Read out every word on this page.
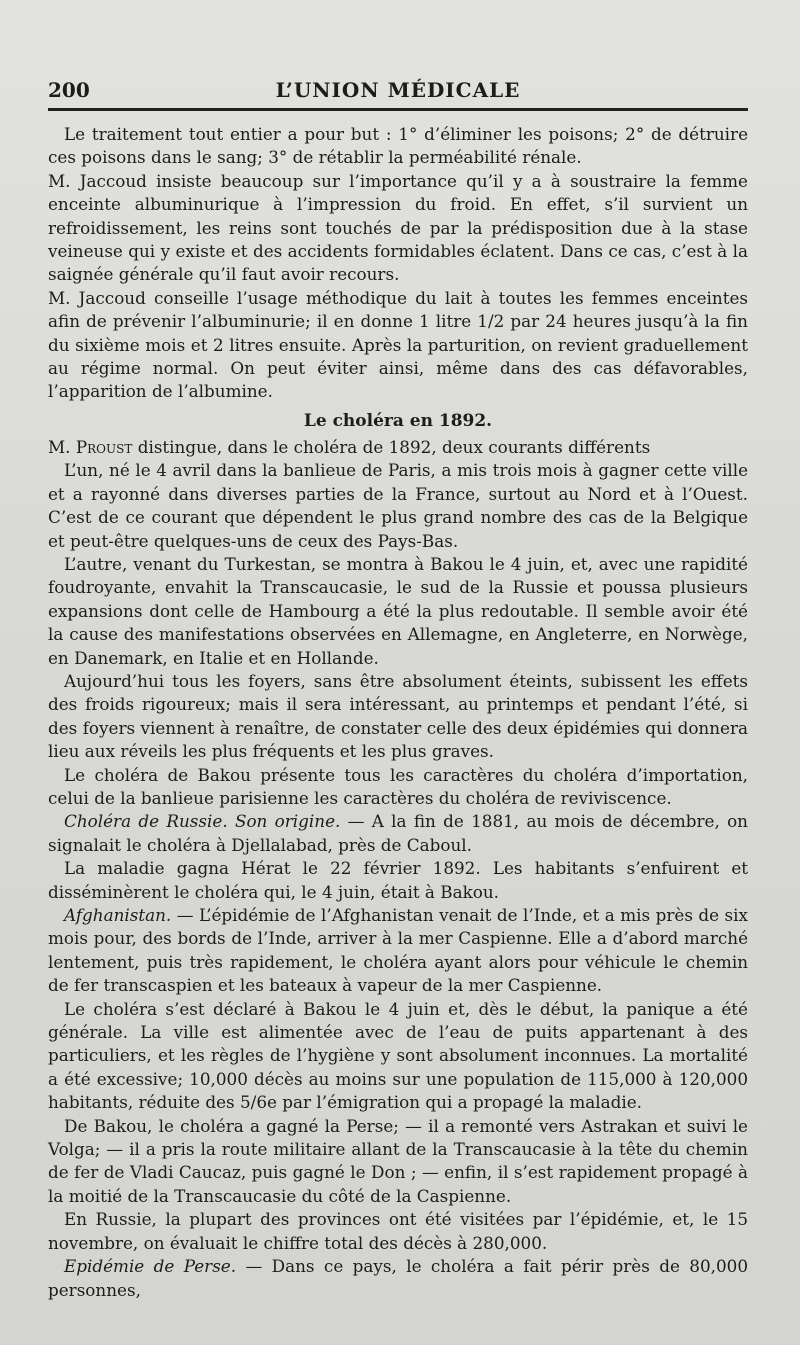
200	L’UNION MÉDICALE

Le traitement tout entier a pour but : 1° d’éliminer les poisons; 2° de détruire ces poisons dans le sang; 3° de rétablir la perméabilité rénale.

M. Jaccoud insiste beaucoup sur l’importance qu’il y a à soustraire la femme enceinte albuminurique à l’impression du froid. En effet, s’il survient un refroidissement, les reins sont touchés de par la prédisposition due à la stase veineuse qui y existe et des accidents formidables éclatent. Dans ce cas, c’est à la saignée générale qu’il faut avoir recours.

M. Jaccoud conseille l’usage méthodique du lait à toutes les femmes enceintes afin de prévenir l’albuminurie; il en donne 1 litre 1/2 par 24 heures jusqu’à la fin du sixième mois et 2 litres ensuite. Après la parturition, on revient graduellement au régime normal. On peut éviter ainsi, même dans des cas défavorables, l’apparition de l’albumine.

Le choléra en 1892.

M. Proust distingue, dans le choléra de 1892, deux courants différents

L’un, né le 4 avril dans la banlieue de Paris, a mis trois mois à gagner cette ville et a rayonné dans diverses parties de la France, surtout au Nord et à l’Ouest. C’est de ce courant que dépendent le plus grand nombre des cas de la Belgique et peut-être quelques-uns de ceux des Pays-Bas.

L’autre, venant du Turkestan, se montra à Bakou le 4 juin, et, avec une rapidité foudroyante, envahit la Transcaucasie, le sud de la Russie et poussa plusieurs expansions dont celle de Hambourg a été la plus redoutable. Il semble avoir été la cause des manifestations observées en Allemagne, en Angleterre, en Norwège, en Danemark, en Italie et en Hollande.

Aujourd’hui tous les foyers, sans être absolument éteints, subissent les effets des froids rigoureux; mais il sera intéressant, au printemps et pendant l’été, si des foyers viennent à renaître, de constater celle des deux épidémies qui donnera lieu aux réveils les plus fréquents et les plus graves.

Le choléra de Bakou présente tous les caractères du choléra d’importation, celui de la banlieue parisienne les caractères du choléra de reviviscence.

Choléra de Russie. Son origine. — A la fin de 1881, au mois de décembre, on signalait le choléra à Djellalabad, près de Caboul.

La maladie gagna Hérat le 22 février 1892. Les habitants s’enfuirent et disséminèrent le choléra qui, le 4 juin, était à Bakou.

Afghanistan. — L’épidémie de l’Afghanistan venait de l’Inde, et a mis près de six mois pour, des bords de l’Inde, arriver à la mer Caspienne. Elle a d’abord marché lentement, puis très rapidement, le choléra ayant alors pour véhicule le chemin de fer transcaspien et les bateaux à vapeur de la mer Caspienne.

Le choléra s’est déclaré à Bakou le 4 juin et, dès le début, la panique a été générale. La ville est alimentée avec de l’eau de puits appartenant à des particuliers, et les règles de l’hygiène y sont absolument inconnues. La mortalité a été excessive; 10,000 décès au moins sur une population de 115,000 à 120,000 habitants, réduite des 5/6e par l’émigration qui a propagé la maladie.

De Bakou, le choléra a gagné la Perse; — il a remonté vers Astrakan et suivi le Volga; — il a pris la route militaire allant de la Transcaucasie à la tête du chemin de fer de Vladi Caucaz, puis gagné le Don ; — enfin, il s’est rapidement propagé à la moitié de la Transcaucasie du côté de la Caspienne.

En Russie, la plupart des provinces ont été visitées par l’épidémie, et, le 15 novembre, on évaluait le chiffre total des décès à 280,000.

Epidémie de Perse. — Dans ce pays, le choléra a fait périr près de 80,000 personnes,
